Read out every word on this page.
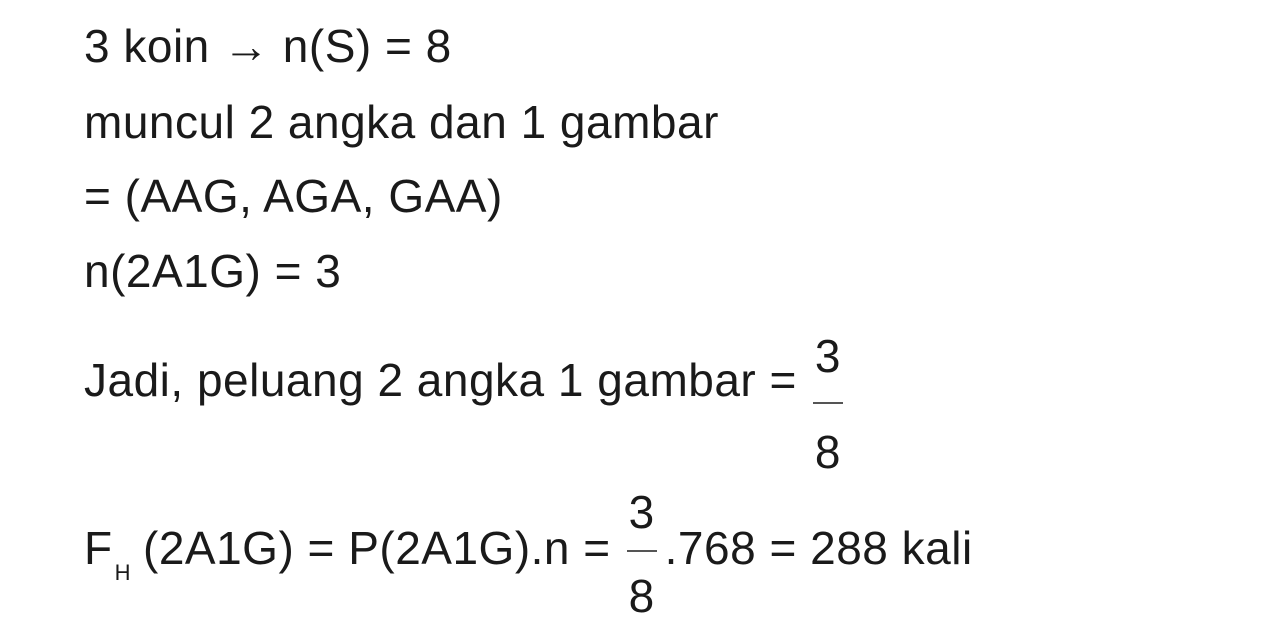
3 koin → n(S) = 8
muncul 2 angka dan 1 gambar
= (AAG, AGA, GAA)
n(2A1G) = 3
Jadi, peluang 2 angka 1 gambar = $\frac{3}{8}$
$F_H$ $(2A1G) = P(2A1G).n = \frac{3}{8} .768 = 288$ kali
